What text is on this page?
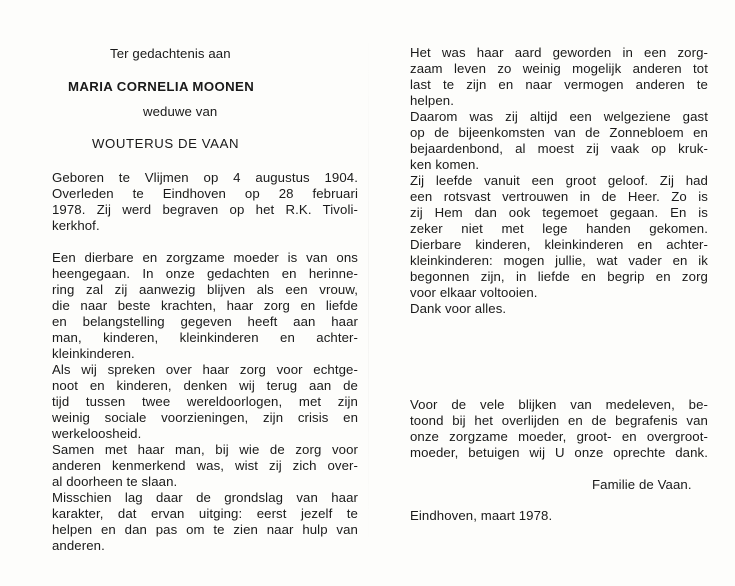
Ter gedachtenis aan
MARIA CORNELIA MOONEN
weduwe van
WOUTERUS DE VAAN
Geboren te Vlijmen op 4 augustus 1904.
Overleden te Eindhoven op 28 februari
1978. Zij werd begraven op het R.K. Tivoli-
kerkhof.
Een dierbare en zorgzame moeder is van ons
heengegaan. In onze gedachten en herinne-
ring zal zij aanwezig blijven als een vrouw,
die naar beste krachten, haar zorg en liefde
en belangstelling gegeven heeft aan haar
man, kinderen, kleinkinderen en achter-
kleinkinderen.
Als wij spreken over haar zorg voor echtge-
noot en kinderen, denken wij terug aan de
tijd tussen twee wereldoorlogen, met zijn
weinig sociale voorzieningen, zijn crisis en
werkeloosheid.
Samen met haar man, bij wie de zorg voor
anderen kenmerkend was, wist zij zich over-
al doorheen te slaan.
Misschien lag daar de grondslag van haar
karakter, dat ervan uitging: eerst jezelf te
helpen en dan pas om te zien naar hulp van
anderen.
Het was haar aard geworden in een zorg-
zaam leven zo weinig mogelijk anderen tot
last te zijn en naar vermogen anderen te
helpen.
Daarom was zij altijd een welgeziene gast
op de bijeenkomsten van de Zonnebloem en
bejaardenbond, al moest zij vaak op kruk-
ken komen.
Zij leefde vanuit een groot geloof. Zij had
een rotsvast vertrouwen in de Heer. Zo is
zij Hem dan ook tegemoet gegaan. En is
zeker niet met lege handen gekomen.
Dierbare kinderen, kleinkinderen en achter-
kleinkinderen: mogen jullie, wat vader en ik
begonnen zijn, in liefde en begrip en zorg
voor elkaar voltooien.
Dank voor alles.
Voor de vele blijken van medeleven, be-
toond bij het overlijden en de begrafenis van
onze zorgzame moeder, groot- en overgroot-
moeder, betuigen wij U onze oprechte dank.
Familie de Vaan.
Eindhoven, maart 1978.
